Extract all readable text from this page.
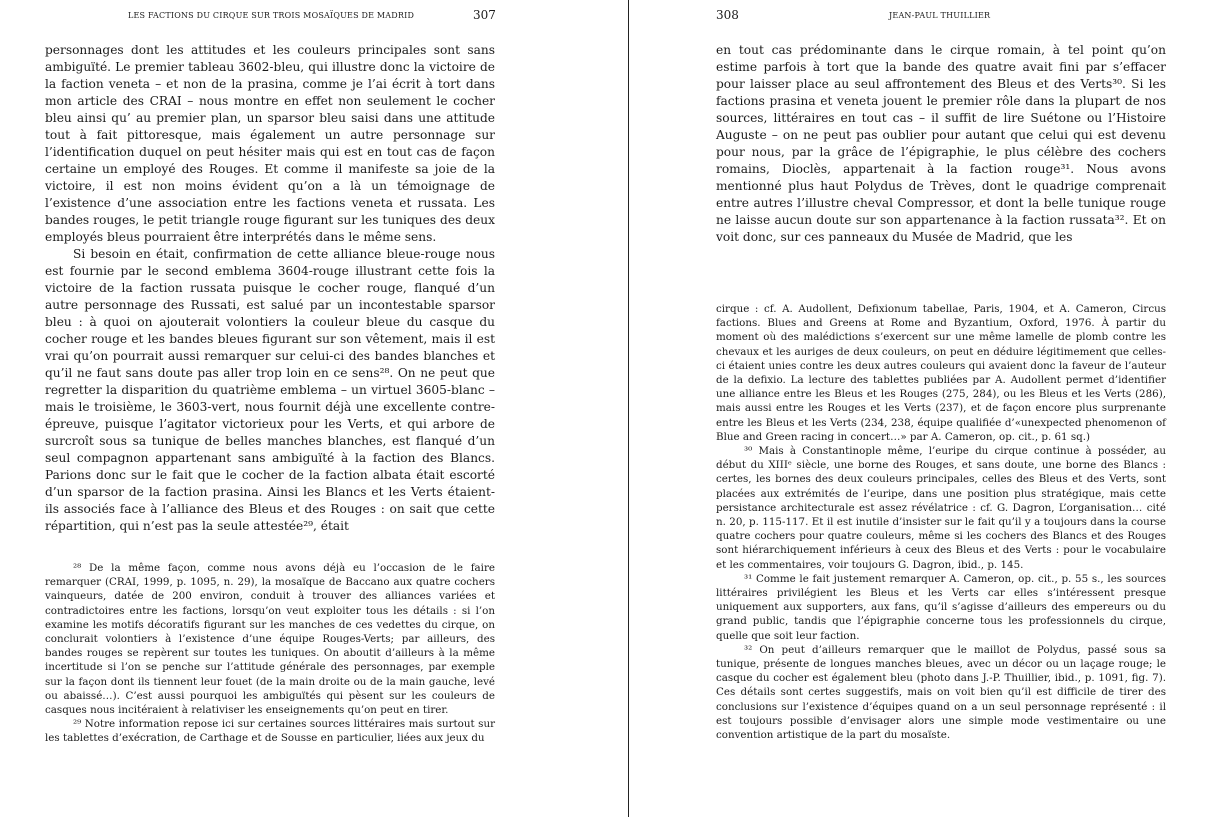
LES FACTIONS DU CIRQUE SUR TROIS MOSAÏQUES DE MADRID	307

personnages dont les attitudes et les couleurs principales sont sans ambiguïté. Le premier tableau 3602-bleu, qui illustre donc la victoire de la faction veneta – et non de la prasina, comme je l’ai écrit à tort dans mon article des CRAI – nous montre en effet non seulement le cocher bleu ainsi qu’ au premier plan, un sparsor bleu saisi dans une attitude tout à fait pittoresque, mais également un autre personnage sur l’identification duquel on peut hésiter mais qui est en tout cas de façon certaine un employé des Rouges. Et comme il manifeste sa joie de la victoire, il est non moins évident qu’on a là un témoignage de l’existence d’une association entre les factions veneta et russata. Les bandes rouges, le petit triangle rouge figurant sur les tuniques des deux employés bleus pourraient être interprétés dans le même sens.

Si besoin en était, confirmation de cette alliance bleue-rouge nous est fournie par le second emblema 3604-rouge illustrant cette fois la victoire de la faction russata puisque le cocher rouge, flanqué d’un autre personnage des Russati, est salué par un incontestable sparsor bleu : à quoi on ajouterait volontiers la couleur bleue du casque du cocher rouge et les bandes bleues figurant sur son vêtement, mais il est vrai qu’on pourrait aussi remarquer sur celui-ci des bandes blanches et qu’il ne faut sans doute pas aller trop loin en ce sens²⁸. On ne peut que regretter la disparition du quatrième emblema – un virtuel 3605-blanc – mais le troisième, le 3603-vert, nous fournit déjà une excellente contre-épreuve, puisque l’agitator victorieux pour les Verts, et qui arbore de surcroît sous sa tunique de belles manches blanches, est flanqué d’un seul compagnon appartenant sans ambiguïté à la faction des Blancs. Parions donc sur le fait que le cocher de la faction albata était escorté d’un sparsor de la faction prasina. Ainsi les Blancs et les Verts étaient-ils associés face à l’alliance des Bleus et des Rouges : on sait que cette répartition, qui n’est pas la seule attestée²⁹, était

²⁸ De la même façon, comme nous avons déjà eu l’occasion de le faire remarquer (CRAI, 1999, p. 1095, n. 29), la mosaïque de Baccano aux quatre cochers vainqueurs, datée de 200 environ, conduit à trouver des alliances variées et contradictoires entre les factions, lorsqu’on veut exploiter tous les détails : si l’on examine les motifs décoratifs figurant sur les manches de ces vedettes du cirque, on conclurait volontiers à l’existence d’une équipe Rouges-Verts; par ailleurs, des bandes rouges se repèrent sur toutes les tuniques. On aboutit d’ailleurs à la même incertitude si l’on se penche sur l’attitude générale des personnages, par exemple sur la façon dont ils tiennent leur fouet (de la main droite ou de la main gauche, levé ou abaissé…). C’est aussi pourquoi les ambiguïtés qui pèsent sur les couleurs de casques nous incitéraient à relativiser les enseignements qu’on peut en tirer.

²⁹ Notre information repose ici sur certaines sources littéraires mais surtout sur les tablettes d’exécration, de Carthage et de Sousse en particulier, liées aux jeux du

308	JEAN-PAUL THUILLIER

en tout cas prédominante dans le cirque romain, à tel point qu’on estime parfois à tort que la bande des quatre avait fini par s’effacer pour laisser place au seul affrontement des Bleus et des Verts³⁰. Si les factions prasina et veneta jouent le premier rôle dans la plupart de nos sources, littéraires en tout cas – il suffit de lire Suétone ou l’Histoire Auguste – on ne peut pas oublier pour autant que celui qui est devenu pour nous, par la grâce de l’épigraphie, le plus célèbre des cochers romains, Dioclès, appartenait à la faction rouge³¹. Nous avons mentionné plus haut Polydus de Trèves, dont le quadrige comprenait entre autres l’illustre cheval Compressor, et dont la belle tunique rouge ne laisse aucun doute sur son appartenance à la faction russata³². Et on voit donc, sur ces panneaux du Musée de Madrid, que les

cirque : cf. A. Audollent, Defixionum tabellae, Paris, 1904, et A. Cameron, Circus factions. Blues and Greens at Rome and Byzantium, Oxford, 1976. À partir du moment où des malédictions s’exercent sur une même lamelle de plomb contre les chevaux et les auriges de deux couleurs, on peut en déduire légitimement que celles-ci étaient unies contre les deux autres couleurs qui avaient donc la faveur de l’auteur de la defixio. La lecture des tablettes publiées par A. Audollent permet d’identifier une alliance entre les Bleus et les Rouges (275, 284), ou les Bleus et les Verts (286), mais aussi entre les Rouges et les Verts (237), et de façon encore plus surprenante entre les Bleus et les Verts (234, 238, équipe qualifiée d’«unexpected phenomenon of Blue and Green racing in concert…» par A. Cameron, op. cit., p. 61 sq.)

³⁰ Mais à Constantinople même, l’euripe du cirque continue à posséder, au début du XIIIᵉ siècle, une borne des Rouges, et sans doute, une borne des Blancs : certes, les bornes des deux couleurs principales, celles des Bleus et des Verts, sont placées aux extrémités de l’euripe, dans une position plus stratégique, mais cette persistance architecturale est assez révélatrice : cf. G. Dagron, L’organisation… cité n. 20, p. 115-117. Et il est inutile d’insister sur le fait qu’il y a toujours dans la course quatre cochers pour quatre couleurs, même si les cochers des Blancs et des Rouges sont hiérarchiquement inférieurs à ceux des Bleus et des Verts : pour le vocabulaire et les commentaires, voir toujours G. Dagron, ibid., p. 145.

³¹ Comme le fait justement remarquer A. Cameron, op. cit., p. 55 s., les sources littéraires privilégient les Bleus et les Verts car elles s’intéressent presque uniquement aux supporters, aux fans, qu’il s’agisse d’ailleurs des empereurs ou du grand public, tandis que l’épigraphie concerne tous les professionnels du cirque, quelle que soit leur faction.

³² On peut d’ailleurs remarquer que le maillot de Polydus, passé sous sa tunique, présente de longues manches bleues, avec un décor ou un laçage rouge; le casque du cocher est également bleu (photo dans J.-P. Thuillier, ibid., p. 1091, fig. 7). Ces détails sont certes suggestifs, mais on voit bien qu’il est difficile de tirer des conclusions sur l’existence d’équipes quand on a un seul personnage représenté : il est toujours possible d’envisager alors une simple mode vestimentaire ou une convention artistique de la part du mosaïste.
